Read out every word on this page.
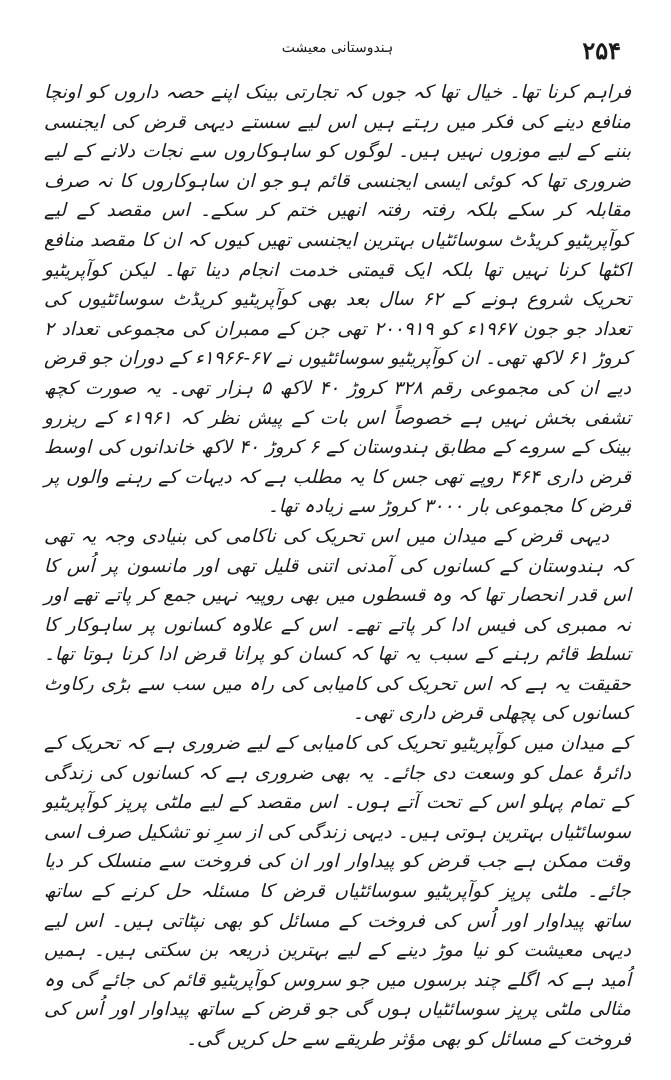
۲۵۴
ہندوستانی معیشت

فراہم کرنا تھا۔ خیال تھا کہ جوں کہ تجارتی بینک اپنے حصہ داروں کو اونچا منافع دینے کی فکر میں رہتے ہیں اس لیے سستے دیہی قرض کی ایجنسی بننے کے لیے موزوں نہیں ہیں۔ لوگوں کو ساہوکاروں سے نجات دلانے کے لیے ضروری تھا کہ کوئی ایسی ایجنسی قائم ہو جو ان ساہوکاروں کا نہ صرف مقابلہ کر سکے بلکہ رفتہ رفتہ انھیں ختم کر سکے۔ اس مقصد کے لیے کوآپریٹیو کریڈٹ سوسائٹیاں بہترین ایجنسی تھیں کیوں کہ ان کا مقصد منافع اکٹھا کرنا نہیں تھا بلکہ ایک قیمتی خدمت انجام دینا تھا۔ لیکن کوآپریٹیو تحریک شروع ہونے کے ۶۲ سال بعد بھی کوآپریٹیو کریڈٹ سوسائٹیوں کی تعداد جو جون ۱۹۶۷ء کو ۲۰۰۹۱۹ تھی جن کے ممبران کی مجموعی تعداد ۲ کروڑ ۶۱ لاکھ تھی۔ ان کوآپریٹیو سوسائٹیوں نے ۶۷-۱۹۶۶ء کے دوران جو قرض دیے ان کی مجموعی رقم ۳۲۸ کروڑ ۴۰ لاکھ ۵ ہزار تھی۔ یہ صورت کچھ تشفی بخش نہیں ہے خصوصاً اس بات کے پیش نظر کہ ۱۹۶۱ء کے ریزرو بینک کے سروے کے مطابق ہندوستان کے ۶ کروڑ ۴۰ لاکھ خاندانوں کی اوسط قرض داری ۴۶۴ روپے تھی جس کا یہ مطلب ہے کہ دیہات کے رہنے والوں پر قرض کا مجموعی بار ۳۰۰۰ کروڑ سے زیادہ تھا۔

دیہی قرض کے میدان میں اس تحریک کی ناکامی کی بنیادی وجہ یہ تھی کہ ہندوستان کے کسانوں کی آمدنی اتنی قلیل تھی اور مانسون پر اُس کا اس قدر انحصار تھا کہ وہ قسطوں میں بھی روپیہ نہیں جمع کر پاتے تھے اور نہ ممبری کی فیس ادا کر پاتے تھے۔ اس کے علاوہ کسانوں پر ساہوکار کا تسلط قائم رہنے کے سبب یہ تھا کہ کسان کو پرانا قرض ادا کرنا ہوتا تھا۔ حقیقت یہ ہے کہ اس تحریک کی کامیابی کی راہ میں سب سے بڑی رکاوٹ کسانوں کی پچھلی قرض داری تھی۔

کے میدان میں کوآپریٹیو تحریک کی کامیابی کے لیے ضروری ہے کہ تحریک کے دائرۂ عمل کو وسعت دی جائے۔ یہ بھی ضروری ہے کہ کسانوں کی زندگی کے تمام پہلو اس کے تحت آتے ہوں۔ اس مقصد کے لیے ملٹی پرپز کوآپریٹیو سوسائٹیاں بہترین ہوتی ہیں۔ دیہی زندگی کی از سرِ نو تشکیل صرف اسی وقت ممکن ہے جب قرض کو پیداوار اور ان کی فروخت سے منسلک کر دیا جائے۔ ملٹی پرپز کوآپریٹیو سوسائٹیاں قرض کا مسئلہ حل کرنے کے ساتھ ساتھ پیداوار اور اُس کی فروخت کے مسائل کو بھی نپٹاتی ہیں۔ اس لیے دیہی معیشت کو نیا موڑ دینے کے لیے بہترین ذریعہ بن سکتی ہیں۔ ہمیں اُمید ہے کہ اگلے چند برسوں میں جو سروس کوآپریٹیو قائم کی جائے گی وہ مثالی ملٹی پرپز سوسائٹیاں ہوں گی جو قرض کے ساتھ پیداوار اور اُس کی فروخت کے مسائل کو بھی مؤثر طریقے سے حل کریں گی۔
